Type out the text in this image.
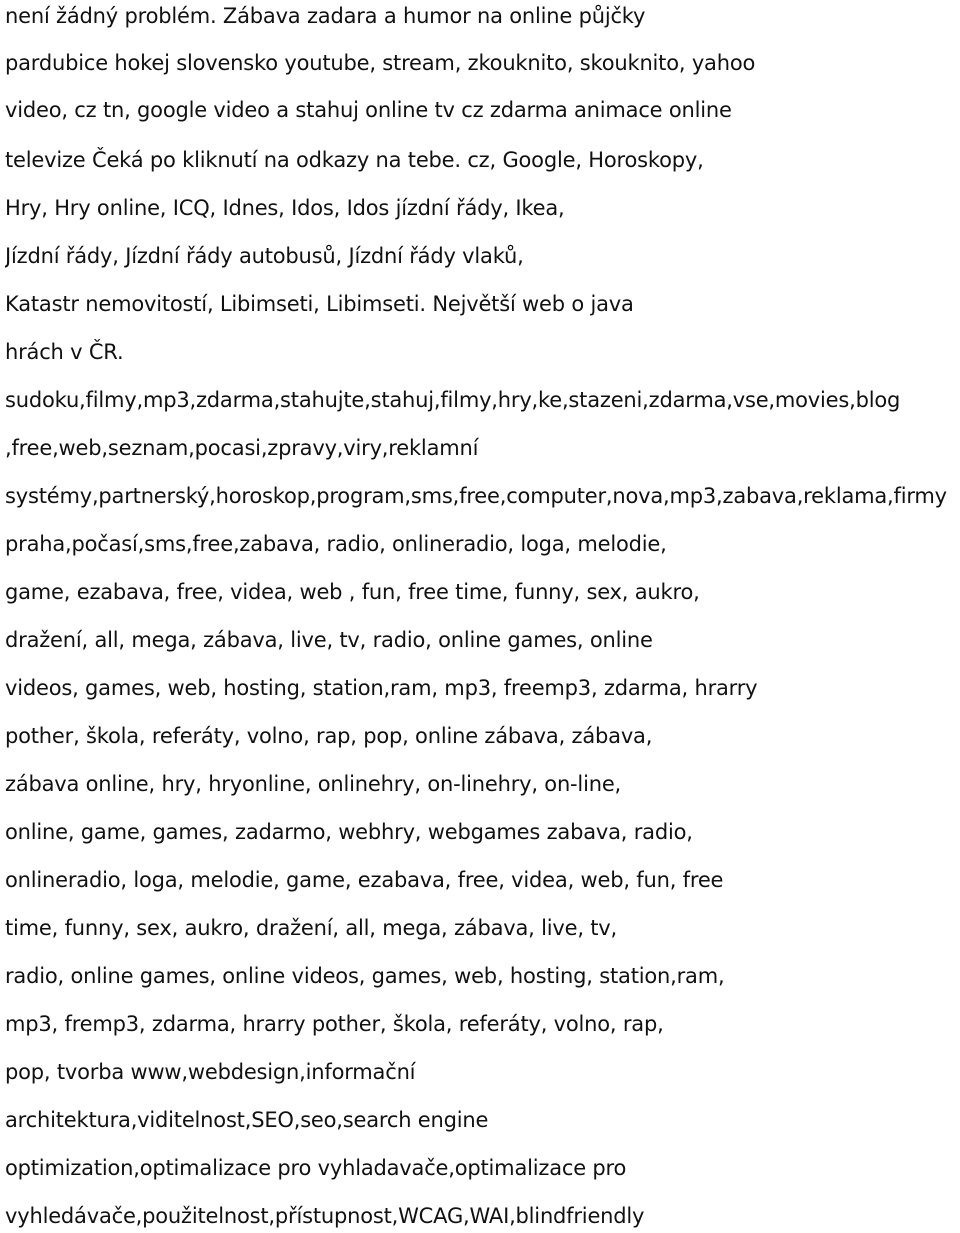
není žádný problém. Zábava zadara a humor na online půjčky
pardubice hokej slovensko youtube, stream, zkouknito, skouknito, yahoo
video, cz tn, google video a stahuj online tv cz zdarma animace online
televize Čeká po kliknutí na odkazy na tebe. cz, Google, Horoskopy,
Hry, Hry online, ICQ, Idnes, Idos, Idos jízdní řády, Ikea,
Jízdní řády, Jízdní řády autobusů, Jízdní řády vlaků,
Katastr nemovitostí, Libimseti, Libimseti. Největší web o java
hrách v ČR.
sudoku,filmy,mp3,zdarma,stahujte,stahuj,filmy,hry,ke,stazeni,zdarma,vse,movies,blog
,free,web,seznam,pocasi,zpravy,viry,reklamní
systémy,partnerský,horoskop,program,sms,free,computer,nova,mp3,zabava,reklama,firmy
praha,počasí,sms,free,zabava, radio, onlineradio, loga, melodie,
game, ezabava, free, videa, web , fun, free time, funny, sex, aukro,
dražení, all, mega, zábava, live, tv, radio, online games, online
videos, games, web, hosting, station,ram, mp3, freemp3, zdarma, hrarry
pother, škola, referáty, volno, rap, pop, online zábava, zábava,
zábava online, hry, hryonline, onlinehry, on-linehry, on-line,
online, game, games, zadarmo, webhry, webgames zabava, radio,
onlineradio, loga, melodie, game, ezabava, free, videa, web, fun, free
time, funny, sex, aukro, dražení, all, mega, zábava, live, tv,
radio, online games, online videos, games, web, hosting, station,ram,
mp3, fremp3, zdarma, hrarry pother, škola, referáty, volno, rap,
pop, tvorba www,webdesign,informační
architektura,viditelnost,SEO,seo,search engine
optimization,optimalizace pro vyhladavače,optimalizace pro
vyhledávače,použitelnost,přístupnost,WCAG,WAI,blindfriendly
